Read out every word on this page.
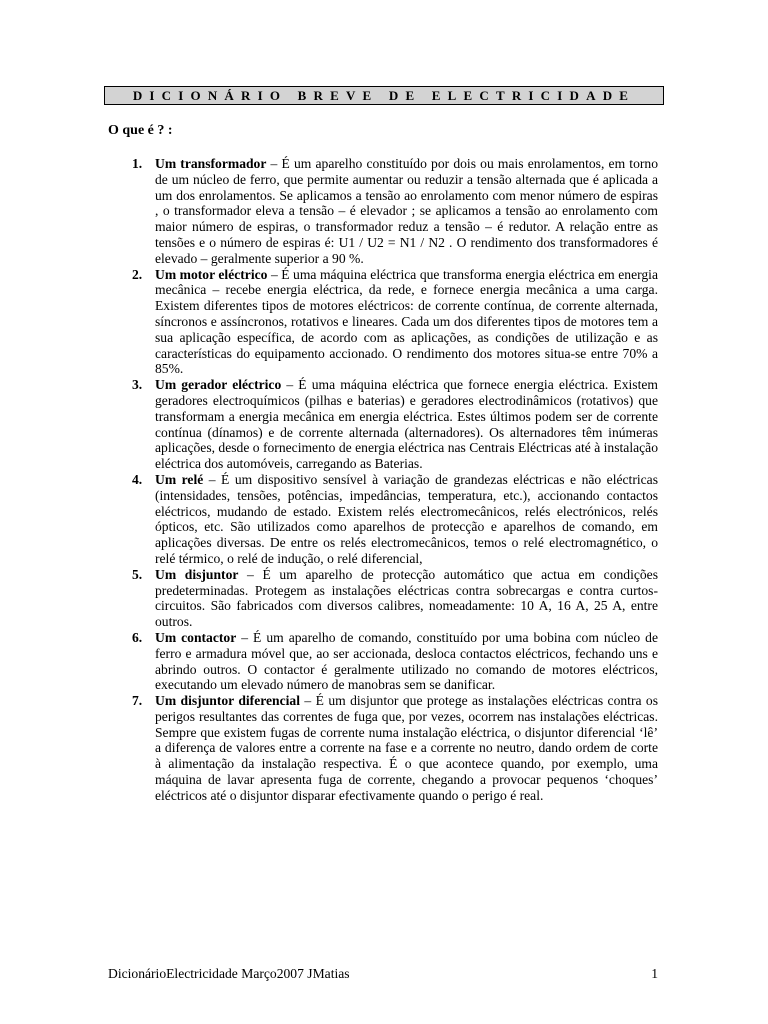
DICIONÁRIO BREVE DE ELECTRICIDADE
O que é ? :
1. Um transformador – É um aparelho constituído por dois ou mais enrolamentos, em torno de um núcleo de ferro, que permite aumentar ou reduzir a tensão alternada que é aplicada a um dos enrolamentos. Se aplicamos a tensão ao enrolamento com menor número de espiras , o transformador eleva a tensão – é elevador ; se aplicamos a tensão ao enrolamento com maior número de espiras, o transformador reduz a tensão – é redutor. A relação entre as tensões e o número de espiras é: U1 / U2 = N1 / N2 . O rendimento dos transformadores é elevado – geralmente superior a 90 %.
2. Um motor eléctrico – É uma máquina eléctrica que transforma energia eléctrica em energia mecânica – recebe energia eléctrica, da rede, e fornece energia mecânica a uma carga. Existem diferentes tipos de motores eléctricos: de corrente contínua, de corrente alternada, síncronos e assíncronos, rotativos e lineares. Cada um dos diferentes tipos de motores tem a sua aplicação específica, de acordo com as aplicações, as condições de utilização e as características do equipamento accionado. O rendimento dos motores situa-se entre 70% a 85%.
3. Um gerador eléctrico – É uma máquina eléctrica que fornece energia eléctrica. Existem geradores electroquímicos (pilhas e baterias) e geradores electrodinâmicos (rotativos) que transformam a energia mecânica em energia eléctrica. Estes últimos podem ser de corrente contínua (dínamos) e de corrente alternada (alternadores). Os alternadores têm inúmeras aplicações, desde o fornecimento de energia eléctrica nas Centrais Eléctricas até à instalação eléctrica dos automóveis, carregando as Baterias.
4. Um relé – É um dispositivo sensível à variação de grandezas eléctricas e não eléctricas (intensidades, tensões, potências, impedâncias, temperatura, etc.), accionando contactos eléctricos, mudando de estado. Existem relés electromecânicos, relés electrónicos, relés ópticos, etc. São utilizados como aparelhos de protecção e aparelhos de comando, em aplicações diversas. De entre os relés electromecânicos, temos o relé electromagnético, o relé térmico, o relé de indução, o relé diferencial,
5. Um disjuntor – É um aparelho de protecção automático que actua em condições predeterminadas. Protegem as instalações eléctricas contra sobrecargas e contra curtos-circuitos. São fabricados com diversos calibres, nomeadamente: 10 A, 16 A, 25 A, entre outros.
6. Um contactor – É um aparelho de comando, constituído por uma bobina com núcleo de ferro e armadura móvel que, ao ser accionada, desloca contactos eléctricos, fechando uns e abrindo outros. O contactor é geralmente utilizado no comando de motores eléctricos, executando um elevado número de manobras sem se danificar.
7. Um disjuntor diferencial – É um disjuntor que protege as instalações eléctricas contra os perigos resultantes das correntes de fuga que, por vezes, ocorrem nas instalações eléctricas. Sempre que existem fugas de corrente numa instalação eléctrica, o disjuntor diferencial ‘lê’ a diferença de valores entre a corrente na fase e a corrente no neutro, dando ordem de corte à alimentação da instalação respectiva. É o que acontece quando, por exemplo, uma máquina de lavar apresenta fuga de corrente, chegando a provocar pequenos ‘choques’ eléctricos até o disjuntor disparar efectivamente quando o perigo é real.
DicionárioElectricidade Março2007 JMatias	1
